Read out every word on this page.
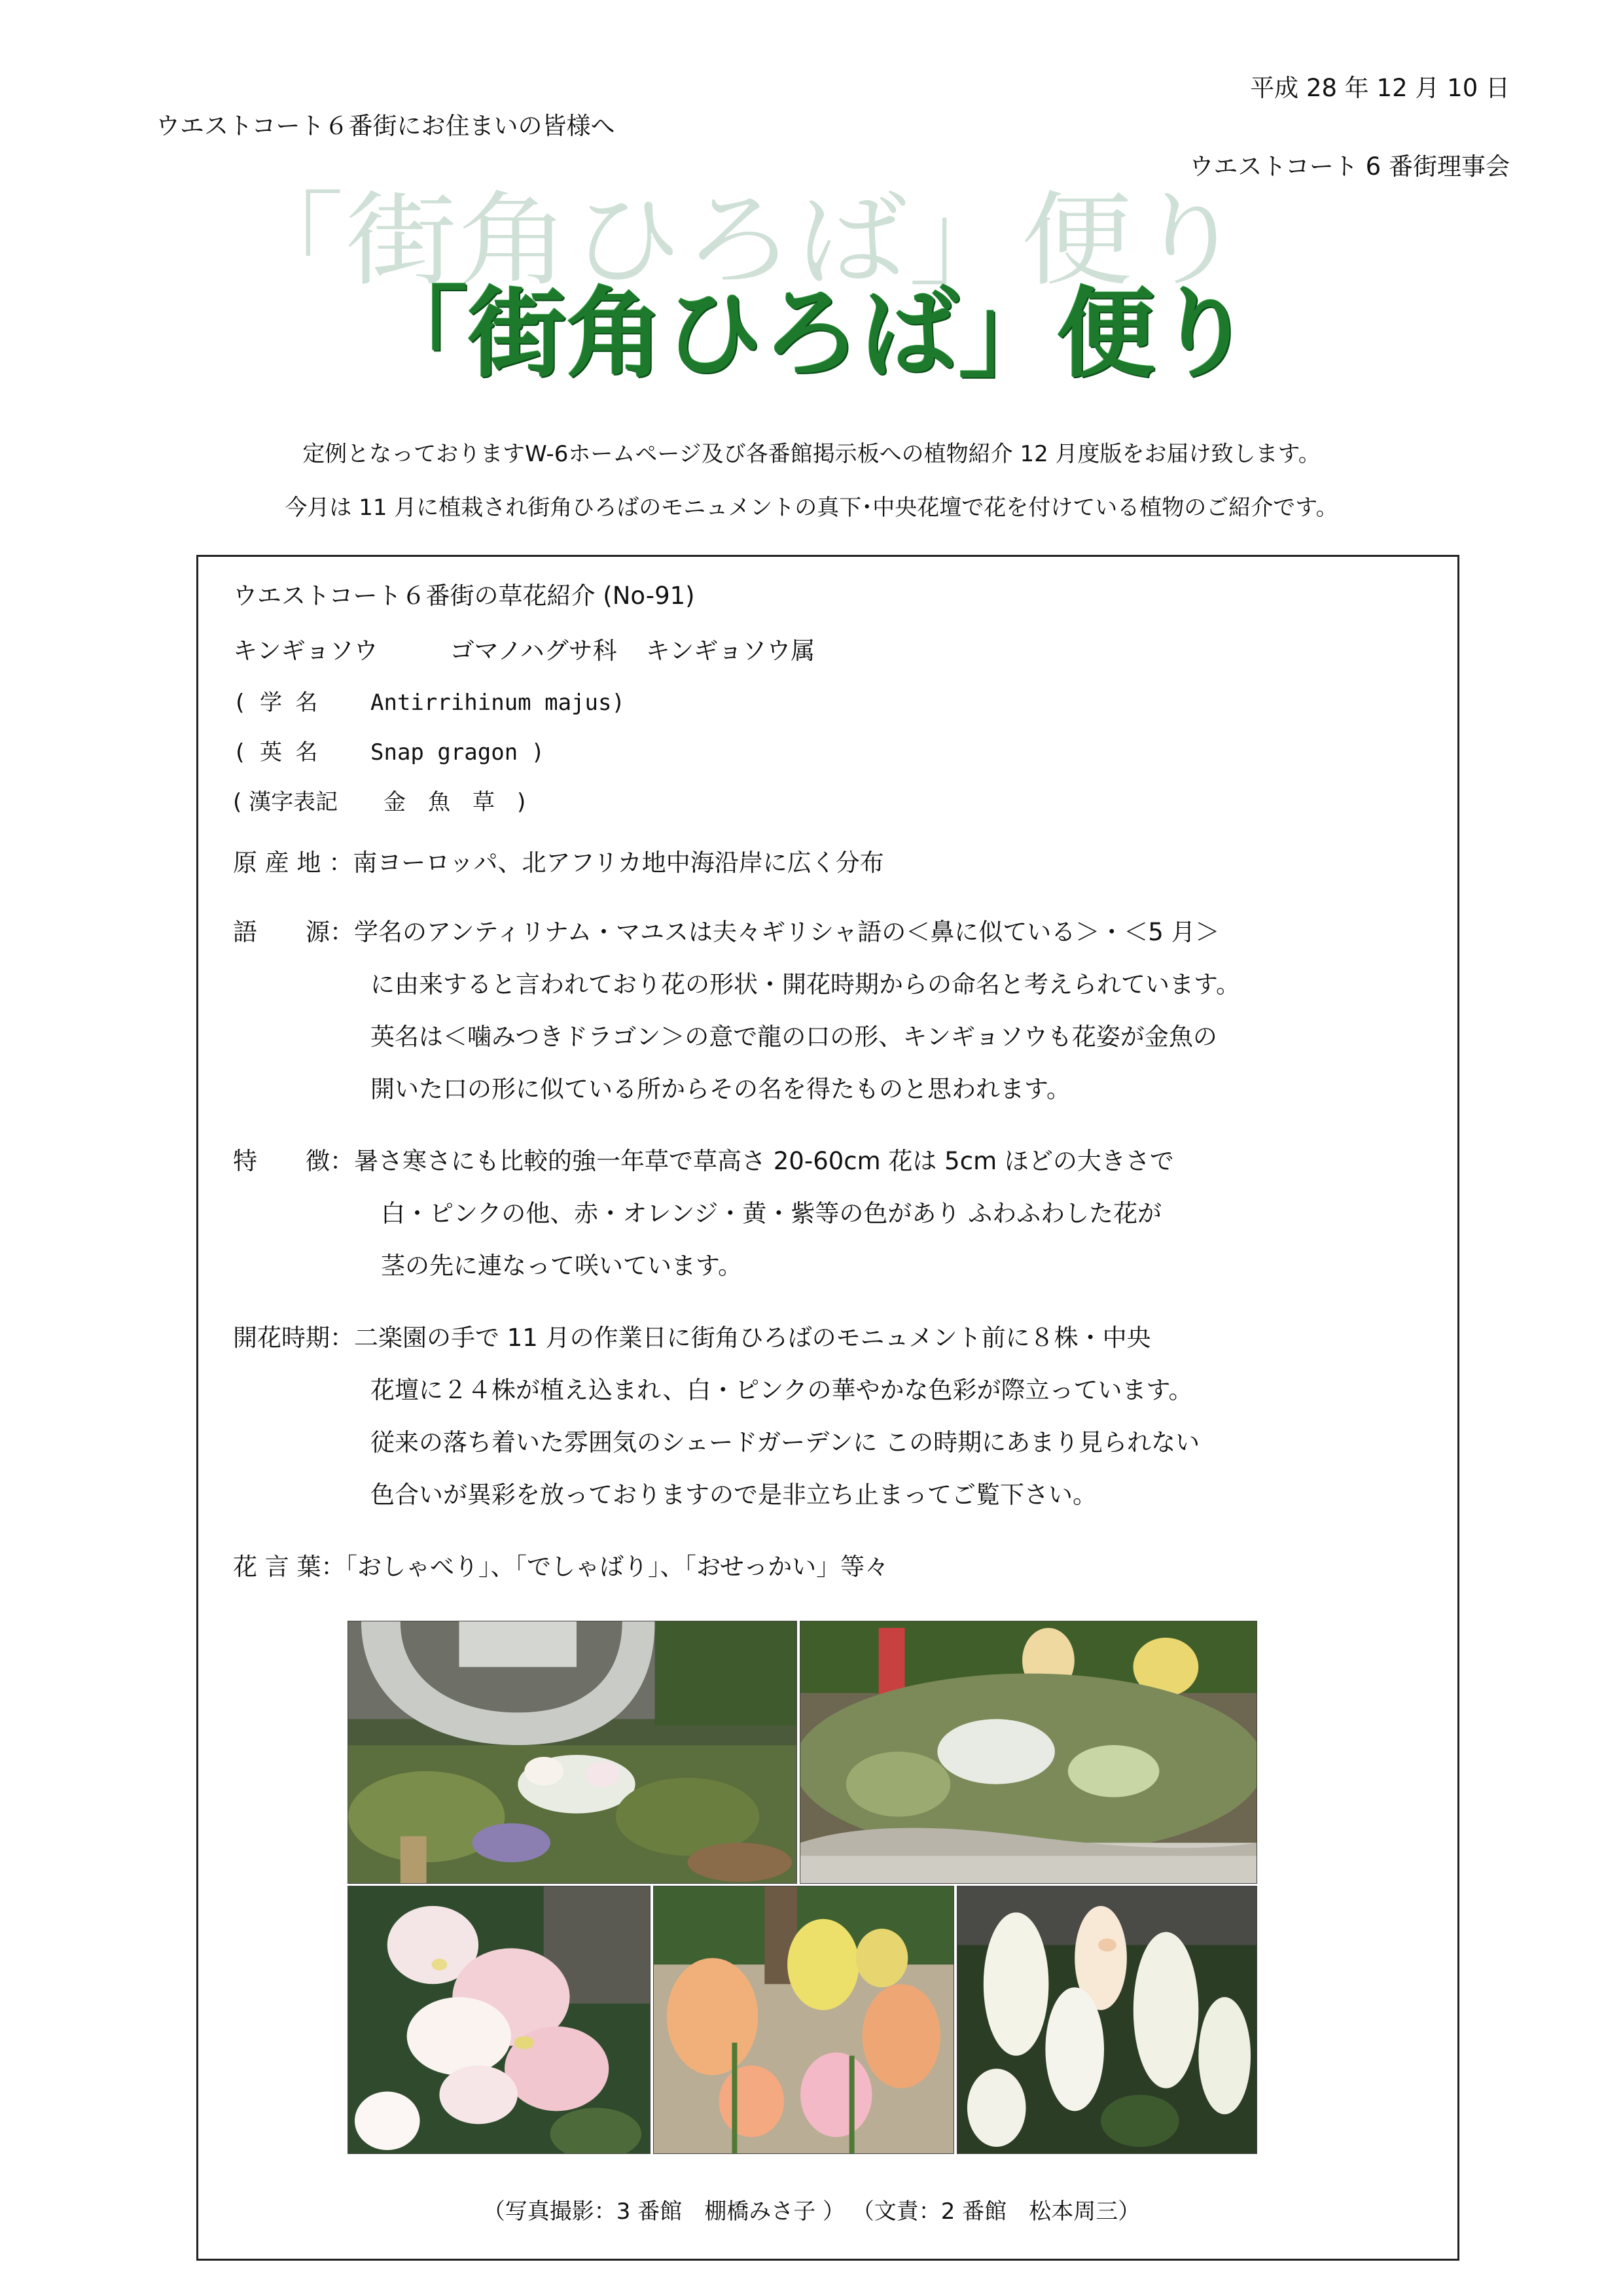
平成 28 年 12 月 10 日
ウエストコート６番街にお住まいの皆様へ
ウエストコート 6 番街理事会
「街角ひろば」便り
「街角ひろば」便り
定例となっておりますW-6ホームページ及び各番館掲示板への植物紹介 12 月度版をお届け致します。
今月は 11 月に植栽され街角ひろばのモニュメントの真下･中央花壇で花を付けている植物のご紹介です。
ウエストコート６番街の草花紹介 (No-91)
キンギョソウ	ゴマノハグサ科 キンギョソウ属
( 学 名 Antirrihinum majus)
( 英 名 Snap gragon )
( 漢字表記 金　魚　草　)
原 産 地 ：南ヨーロッパ、北アフリカ地中海沿岸に広く分布
語　　源：学名のアンティリナム・マユスは夫々ギリシャ語の＜鼻に似ている＞・＜5 月＞
に由来すると言われており花の形状・開花時期からの命名と考えられています。
英名は＜噛みつきドラゴン＞の意で龍の口の形、キンギョソウも花姿が金魚の
開いた口の形に似ている所からその名を得たものと思われます。
特　　徴：暑さ寒さにも比較的強一年草で草高さ 20-60cm 花は 5cm ほどの大きさで
白・ピンクの他、赤・オレンジ・黄・紫等の色があり ふわふわした花が
茎の先に連なって咲いています。
開花時期：二楽園の手で 11 月の作業日に街角ひろばのモニュメント前に８株・中央
花壇に２４株が植え込まれ、白・ピンクの華やかな色彩が際立っています。
従来の落ち着いた雰囲気のシェードガーデンに この時期にあまり見られない
色合いが異彩を放っておりますので是非立ち止まってご覧下さい。
花 言 葉：「おしゃべり」、「でしゃばり」、「おせっかい」等々
（写真撮影：3 番館　棚橋みさ子 ） （文責：2 番館　松本周三）
